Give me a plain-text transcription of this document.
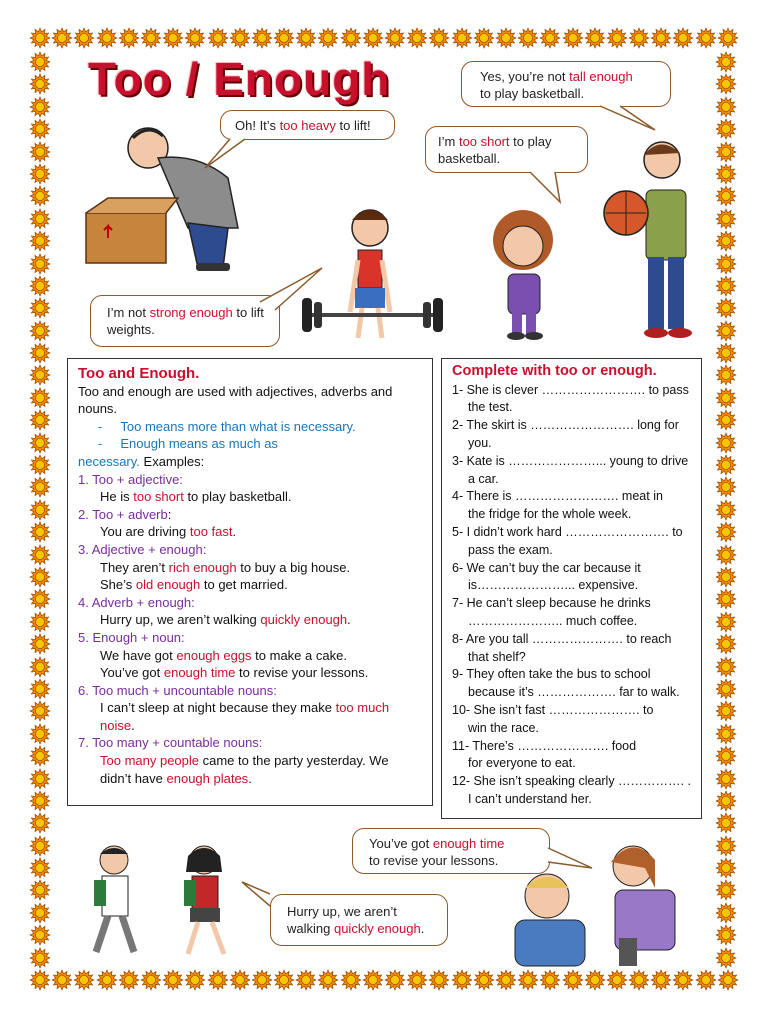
Too / Enough	Yes, you’re not tall enough
to play basketball.
Oh! It’s too heavy to lift!
I’m too short to play basketball.
I’m not strong enough to lift weights.
You’ve got enough time
to revise your lessons.
Hurry up, we aren’t walking quickly enough.
Too and Enough.
Too and enough are used with adjectives, adverbs and nouns.
-     Too means more than what is necessary.
-     Enough means as much as
necessary. Examples:
1. Too + adjective:
He is too short to play basketball.
2. Too + adverb:
You are driving too fast.
3. Adjective + enough:
They aren’t rich enough to buy a big house.
She’s old enough to get married.
4. Adverb + enough:
Hurry up, we aren’t walking quickly enough.
5. Enough + noun:
We have got enough eggs to make a cake.
You’ve got enough time to revise your lessons.
6. Too much + uncountable nouns:
I can’t sleep at night because they make too much
noise.
7. Too many + countable nouns:
Too many people came to the party yesterday. We
didn’t have enough plates.
Complete with too or enough.
1- She is clever ……………………. to pass
the test.
2- The skirt is ……………………. long for
you.
3- Kate is …………………... young to drive
a car.
4- There is ……………………. meat in
the fridge for the whole week.
5- I didn’t work hard ……………………. to
pass the exam.
6- We can’t buy the car because it
is…………………... expensive.
7- He can’t sleep because he drinks
………………….. much coffee.
8- Are you tall …………………. to reach
that shelf?
9- They often take the bus to school
because it’s ………………. far to walk.
10- She isn’t fast …………………. to
win the race.
11- There’s …………………. food
for everyone to eat.
12- She isn’t speaking clearly ……………. .
I can’t understand her.
